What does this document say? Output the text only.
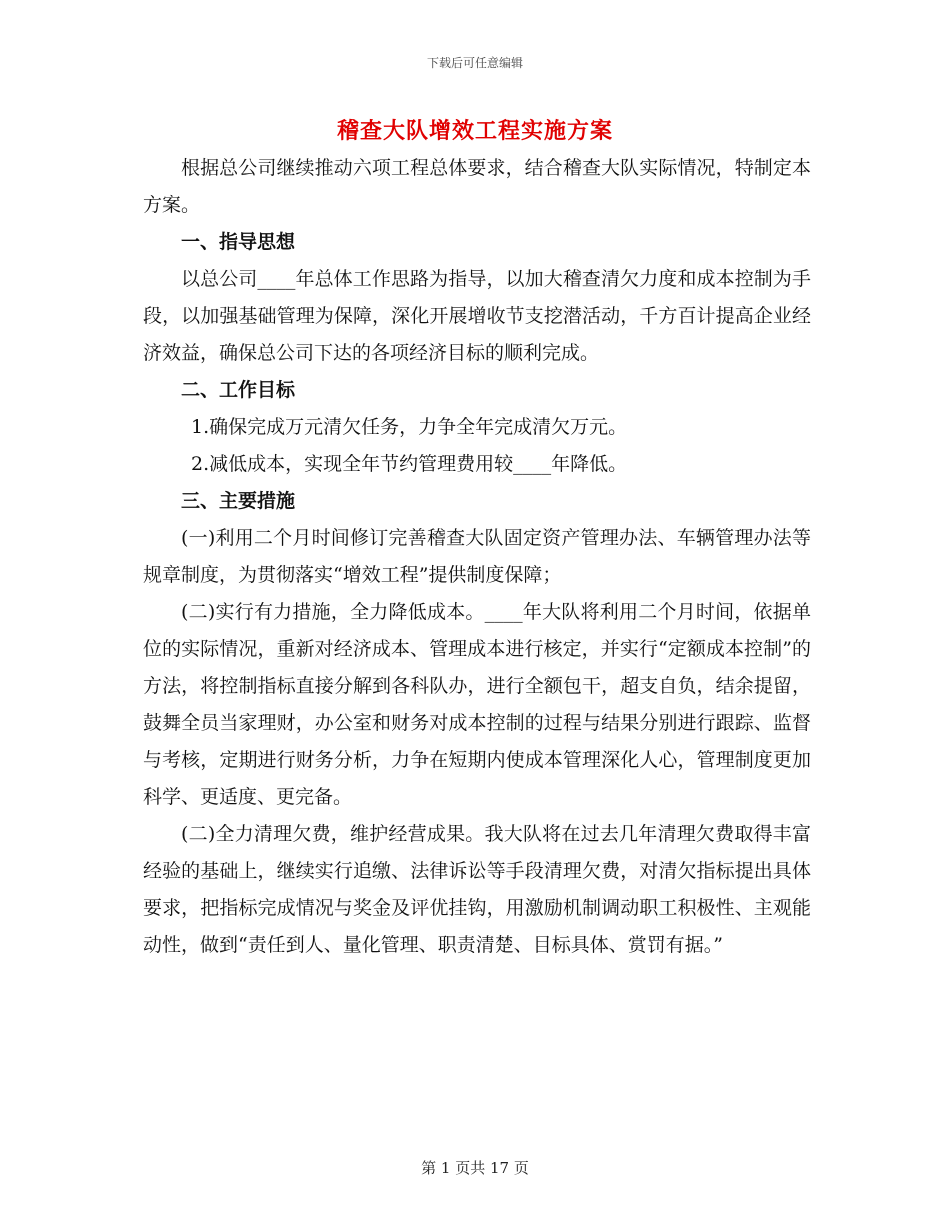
下载后可任意编辑
稽查大队增效工程实施方案

根据总公司继续推动六项工程总体要求，结合稽查大队实际情况，特制定本方案。

一、指导思想

以总公司____年总体工作思路为指导，以加大稽查清欠力度和成本控制为手段，以加强基础管理为保障，深化开展增收节支挖潜活动，千方百计提高企业经济效益，确保总公司下达的各项经济目标的顺利完成。

二、工作目标

1.确保完成万元清欠任务，力争全年完成清欠万元。

2.减低成本，实现全年节约管理费用较____年降低。

三、主要措施

(一)利用二个月时间修订完善稽查大队固定资产管理办法、车辆管理办法等规章制度，为贯彻落实“增效工程”提供制度保障；

(二)实行有力措施，全力降低成本。____年大队将利用二个月时间，依据单位的实际情况，重新对经济成本、管理成本进行核定，并实行“定额成本控制”的方法，将控制指标直接分解到各科队办，进行全额包干，超支自负，结余提留，鼓舞全员当家理财，办公室和财务对成本控制的过程与结果分别进行跟踪、监督与考核，定期进行财务分析，力争在短期内使成本管理深化人心，管理制度更加科学、更适度、更完备。

(二)全力清理欠费，维护经营成果。我大队将在过去几年清理欠费取得丰富经验的基础上，继续实行追缴、法律诉讼等手段清理欠费，对清欠指标提出具体要求，把指标完成情况与奖金及评优挂钩，用激励机制调动职工积极性、主观能动性，做到“责任到人、量化管理、职责清楚、目标具体、赏罚有据。”

第 1 页共 17 页
